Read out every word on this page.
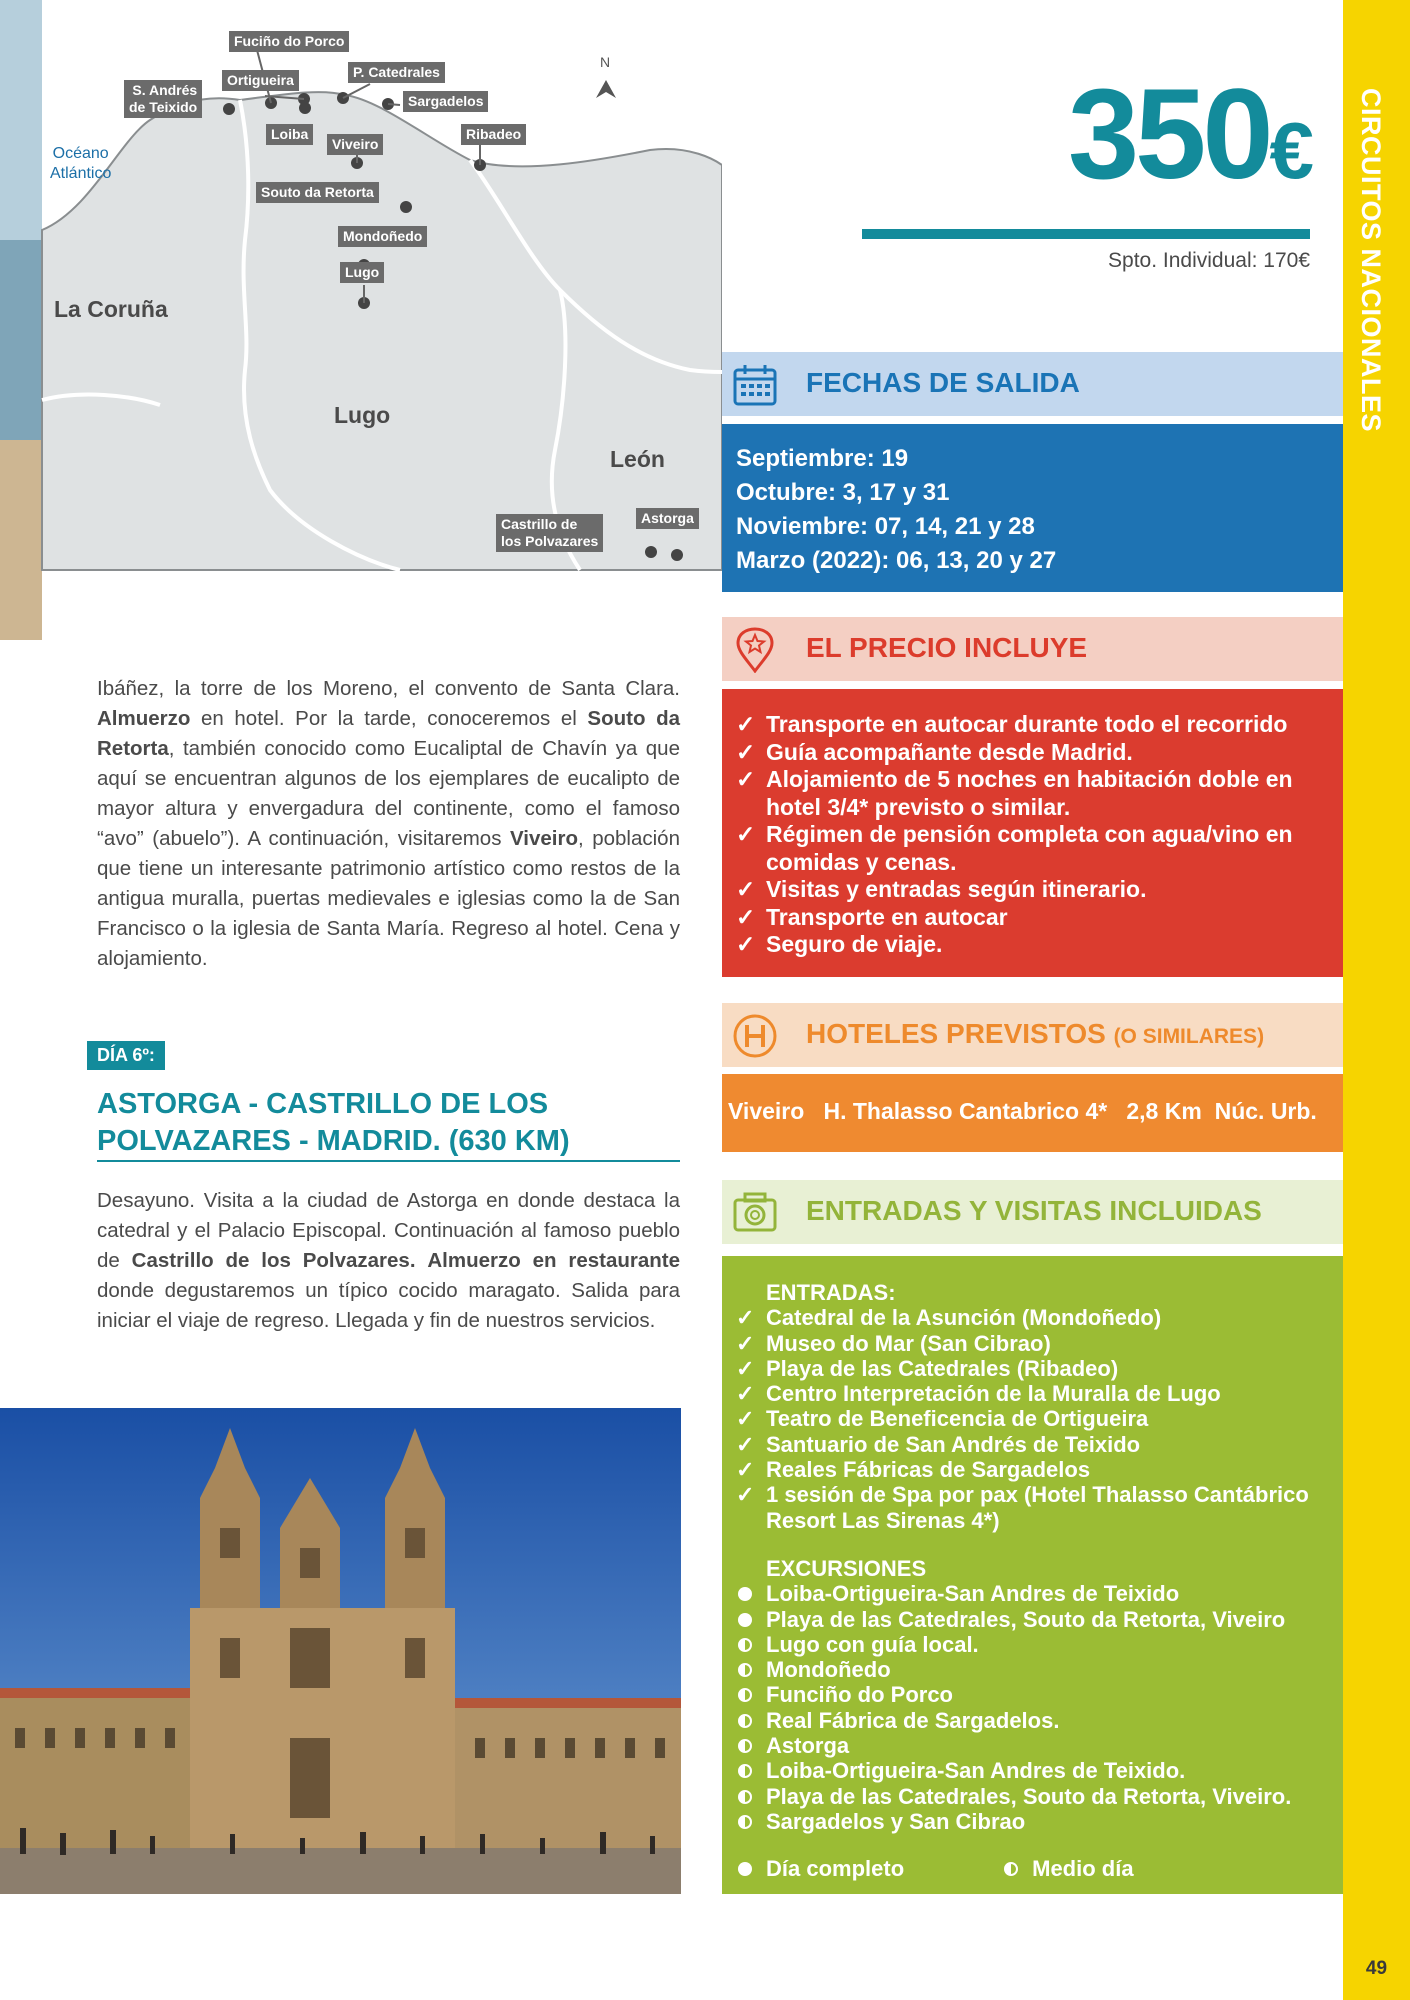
CIRCUITOS NACIONALES
49
Fuciño do Porco
S. Andrés
de Teixido
Ortigueira	P. Catedrales
Sargadelos
Loiba
Viveiro
Ribadeo
Souto da Retorta
Mondoñedo
Lugo
Castrillo de
los Polvazares
Astorga
La Coruña
Lugo
León
Océano
Atlántico
N
350€
Spto. Individual: 170€
FECHAS DE SALIDA
Septiembre: 19
Octubre: 3, 17 y 31
Noviembre: 07, 14, 21 y 28
Marzo (2022): 06, 13, 20 y 27
EL PRECIO INCLUYE
✓ Transporte en autocar durante todo el recorrido
✓ Guía acompañante desde Madrid.
✓ Alojamiento de 5 noches en habitación doble en hotel 3/4* previsto o similar.
✓ Régimen de pensión completa con agua/vino en comidas y cenas.
✓ Visitas y entradas según itinerario.
✓ Transporte en autocar
✓ Seguro de viaje.
HOTELES PREVISTOS (O SIMILARES)
Viveiro   H. Thalasso Cantabrico 4*   2,8 Km  Núc. Urb.
ENTRADAS Y VISITAS INCLUIDAS
ENTRADAS:
✓ Catedral de la Asunción (Mondoñedo)
✓ Museo do Mar (San Cibrao)
✓ Playa de las Catedrales (Ribadeo)
✓ Centro Interpretación de la Muralla de Lugo
✓ Teatro de Beneficencia de Ortigueira
✓ Santuario de San Andrés de Teixido
✓ Reales Fábricas de Sargadelos
✓ 1 sesión de Spa por pax (Hotel Thalasso Cantábrico Resort Las Sirenas 4*)
EXCURSIONES
Loiba-Ortigueira-San Andres de Teixido
Playa de las Catedrales, Souto da Retorta, Viveiro
Lugo con guía local.
Mondoñedo
Funciño do Porco
Real Fábrica de Sargadelos.
Astorga
Loiba-Ortigueira-San Andres de Teixido.
Playa de las Catedrales, Souto da Retorta, Viveiro.
Sargadelos y San Cibrao
Día completo	Medio día
Ibáñez, la torre de los Moreno, el convento de Santa Clara. Almuerzo en hotel. Por la tarde, conoceremos el Souto da Retorta, también conocido como Eucaliptal de Chavín ya que aquí se encuentran algunos de los ejemplares de eucalipto de mayor altura y envergadura del continente, como el famoso “avo” (abuelo”). A continuación, visitaremos Viveiro, población que tiene un interesante patrimonio artístico como restos de la antigua muralla, puertas medievales e iglesias como la de San Francisco o la iglesia de Santa María. Regreso al hotel. Cena y alojamiento.
DÍA 6º:
ASTORGA - CASTRILLO DE LOS POLVAZARES - MADRID. (630 KM)
Desayuno. Visita a la ciudad de Astorga en donde destaca la catedral y el Palacio Episcopal. Continuación al famoso pueblo de Castrillo de los Polvazares. Almuerzo en restaurante donde degustaremos un típico cocido maragato. Salida para iniciar el viaje de regreso. Llegada y fin de nuestros servicios.
